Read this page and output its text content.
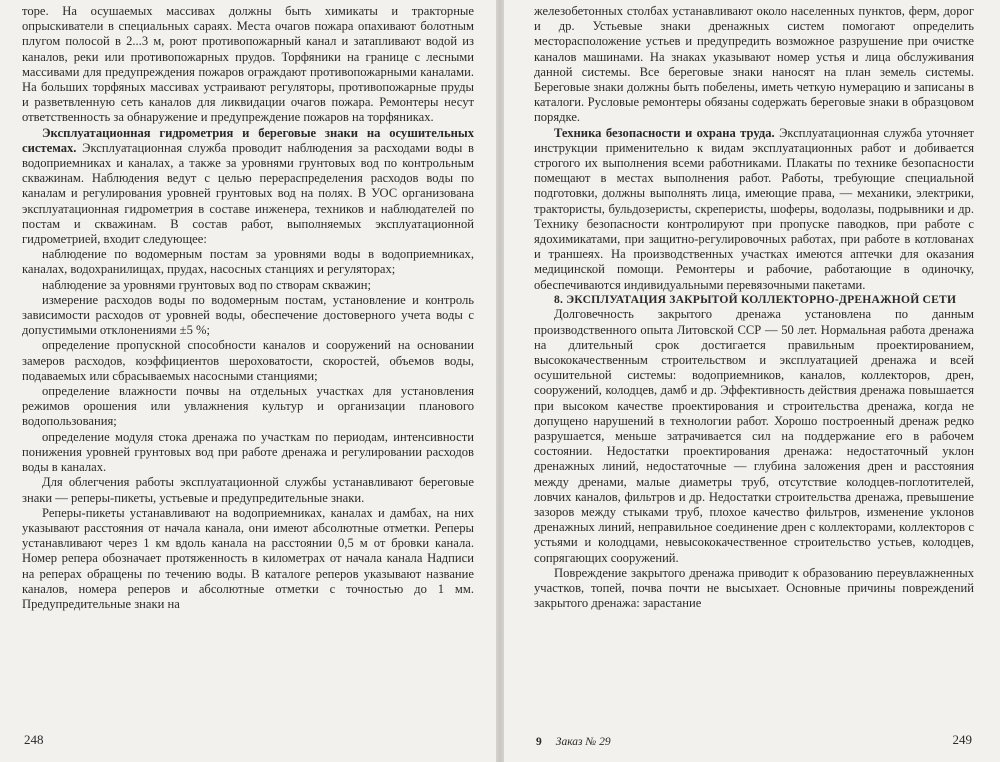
торе. На осушаемых массивах должны быть химикаты и тракторные опрыскиватели в специальных сараях. Места очагов пожара опахивают болотным плугом полосой в 2...3 м, роют противопожарный канал и затапливают водой из каналов, реки или противопожарных прудов. Торфяники на границе с лесными массивами для предупреждения пожаров ограждают противопожарными каналами. На больших торфяных массивах устраивают регуляторы, противопожарные пруды и разветвленную сеть каналов для ликвидации очагов пожара. Ремонтеры несут ответственность за обнаружение и предупреждение пожаров на торфяниках.

Эксплуатационная гидрометрия и береговые знаки на осушительных системах. Эксплуатационная служба проводит наблюдения за расходами воды в водоприемниках и каналах, а также за уровнями грунтовых вод по контрольным скважинам. Наблюдения ведут с целью перераспределения расходов воды по каналам и регулирования уровней грунтовых вод на полях. В УОС организована эксплуатационная гидрометрия в составе инженера, техников и наблюдателей по постам и скважинам. В состав работ, выполняемых эксплуатационной гидрометрией, входит следующее:

наблюдение по водомерным постам за уровнями воды в водоприемниках, каналах, водохранилищах, прудах, насосных станциях и регуляторах;

наблюдение за уровнями грунтовых вод по створам скважин;

измерение расходов воды по водомерным постам, установление и контроль зависимости расходов от уровней воды, обеспечение достоверного учета воды с допустимыми отклонениями ±5 %;

определение пропускной способности каналов и сооружений на основании замеров расходов, коэффициентов шероховатости, скоростей, объемов воды, подаваемых или сбрасываемых насосными станциями;

определение влажности почвы на отдельных участках для установления режимов орошения или увлажнения культур и организации планового водопользования;

определение модуля стока дренажа по участкам по периодам, интенсивности понижения уровней грунтовых вод при работе дренажа и регулировании расходов воды в каналах.

Для облегчения работы эксплуатационной службы устанавливают береговые знаки — реперы-пикеты, устьевые и предупредительные знаки.

Реперы-пикеты устанавливают на водоприемниках, каналах и дамбах, на них указывают расстояния от начала канала, они имеют абсолютные отметки. Реперы устанавливают через 1 км вдоль канала на расстоянии 0,5 м от бровки канала. Номер репера обозначает протяженность в километрах от начала канала Надписи на реперах обращены по течению воды. В каталоге реперов указывают название каналов, номера реперов и абсолютные отметки с точностью до 1 мм. Предупредительные знаки на

248

железобетонных столбах устанавливают около населенных пунктов, ферм, дорог и др. Устьевые знаки дренажных систем помогают определить месторасположение устьев и предупредить возможное разрушение при очистке каналов машинами. На знаках указывают номер устья и лица обслуживания данной системы. Все береговые знаки наносят на план земель системы. Береговые знаки должны быть побелены, иметь четкую нумерацию и записаны в каталоги. Русловые ремонтеры обязаны содержать береговые знаки в образцовом порядке.

Техника безопасности и охрана труда. Эксплуатационная служба уточняет инструкции применительно к видам эксплуатационных работ и добивается строгого их выполнения всеми работниками. Плакаты по технике безопасности помещают в местах выполнения работ. Работы, требующие специальной подготовки, должны выполнять лица, имеющие права, — механики, электрики, трактористы, бульдозеристы, скреперисты, шоферы, водолазы, подрывники и др. Технику безопасности контролируют при пропуске паводков, при работе с ядохимикатами, при защитно-регулировочных работах, при работе в котлованах и траншеях. На производственных участках имеются аптечки для оказания медицинской помощи. Ремонтеры и рабочие, работающие в одиночку, обеспечиваются индивидуальными перевязочными пакетами.

8. ЭКСПЛУАТАЦИЯ ЗАКРЫТОЙ КОЛЛЕКТОРНО-ДРЕНАЖНОЙ СЕТИ

Долговечность закрытого дренажа установлена по данным производственного опыта Литовской ССР — 50 лет. Нормальная работа дренажа на длительный срок достигается правильным проектированием, высококачественным строительством и эксплуатацией дренажа и всей осушительной системы: водоприемников, каналов, коллекторов, дрен, сооружений, колодцев, дамб и др. Эффективность действия дренажа повышается при высоком качестве проектирования и строительства дренажа, когда не допущено нарушений в технологии работ. Хорошо построенный дренаж редко разрушается, меньше затрачивается сил на поддержание его в рабочем состоянии. Недостатки проектирования дренажа: недостаточный уклон дренажных линий, недостаточные — глубина заложения дрен и расстояния между дренами, малые диаметры труб, отсутствие колодцев-поглотителей, ловчих каналов, фильтров и др. Недостатки строительства дренажа, превышение зазоров между стыками труб, плохое качество фильтров, изменение уклонов дренажных линий, неправильное соединение дрен с коллекторами, коллекторов с устьями и колодцами, невысококачественное строительство устьев, колодцев, сопрягающих сооружений.

Повреждение закрытого дренажа приводит к образованию переувлажненных участков, топей, почва почти не высыхает. Основные причины повреждений закрытого дренажа: зарастание

9 Заказ № 29	249
